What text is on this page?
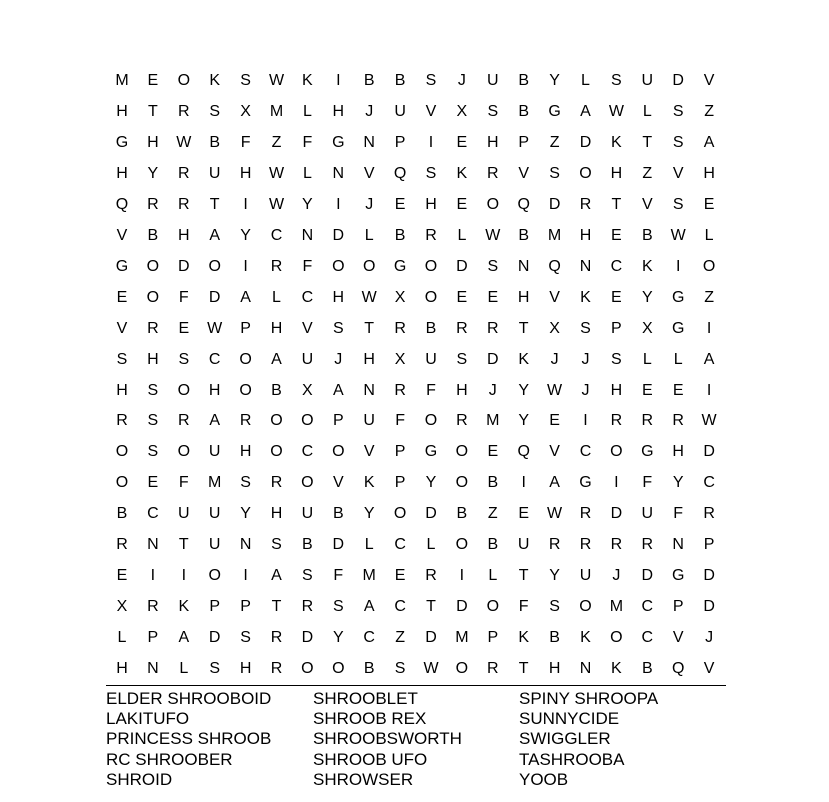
M	E	O	K	S	W	K	I	B	B	S	J	U	B	Y	L	S	U	D	V
H	T	R	S	X	M	L	H	J	U	V	X	S	B	G	A	W	L	S	Z
G	H	W	B	F	Z	F	G	N	P	I	E	H	P	Z	D	K	T	S	A
H	Y	R	U	H	W	L	N	V	Q	S	K	R	V	S	O	H	Z	V	H
Q	R	R	T	I	W	Y	I	J	E	H	E	O	Q	D	R	T	V	S	E
V	B	H	A	Y	C	N	D	L	B	R	L	W	B	M	H	E	B	W	L
G	O	D	O	I	R	F	O	O	G	O	D	S	N	Q	N	C	K	I	O
E	O	F	D	A	L	C	H	W	X	O	E	E	H	V	K	E	Y	G	Z
V	R	E	W	P	H	V	S	T	R	B	R	R	T	X	S	P	X	G	I
S	H	S	C	O	A	U	J	H	X	U	S	D	K	J	J	S	L	L	A
H	S	O	H	O	B	X	A	N	R	F	H	J	Y	W	J	H	E	E	I
R	S	R	A	R	O	O	P	U	F	O	R	M	Y	E	I	R	R	R	W
O	S	O	U	H	O	C	O	V	P	G	O	E	Q	V	C	O	G	H	D
O	E	F	M	S	R	O	V	K	P	Y	O	B	I	A	G	I	F	Y	C
B	C	U	U	Y	H	U	B	Y	O	D	B	Z	E	W	R	D	U	F	R
R	N	T	U	N	S	B	D	L	C	L	O	B	U	R	R	R	R	N	P
E	I	I	O	I	A	S	F	M	E	R	I	L	T	Y	U	J	D	G	D
X	R	K	P	P	T	R	S	A	C	T	D	O	F	S	O	M	C	P	D
L	P	A	D	S	R	D	Y	C	Z	D	M	P	K	B	K	O	C	V	J
H	N	L	S	H	R	O	O	B	S	W	O	R	T	H	N	K	B	Q	V
ELDER SHROOBOID
LAKITUFO
PRINCESS SHROOB
RC SHROOBER
SHROID
SHROOBLET
SHROOB REX
SHROOBSWORTH
SHROOB UFO
SHROWSER
SPINY SHROOPA
SUNNYCIDE
SWIGGLER
TASHROOBA
YOOB
